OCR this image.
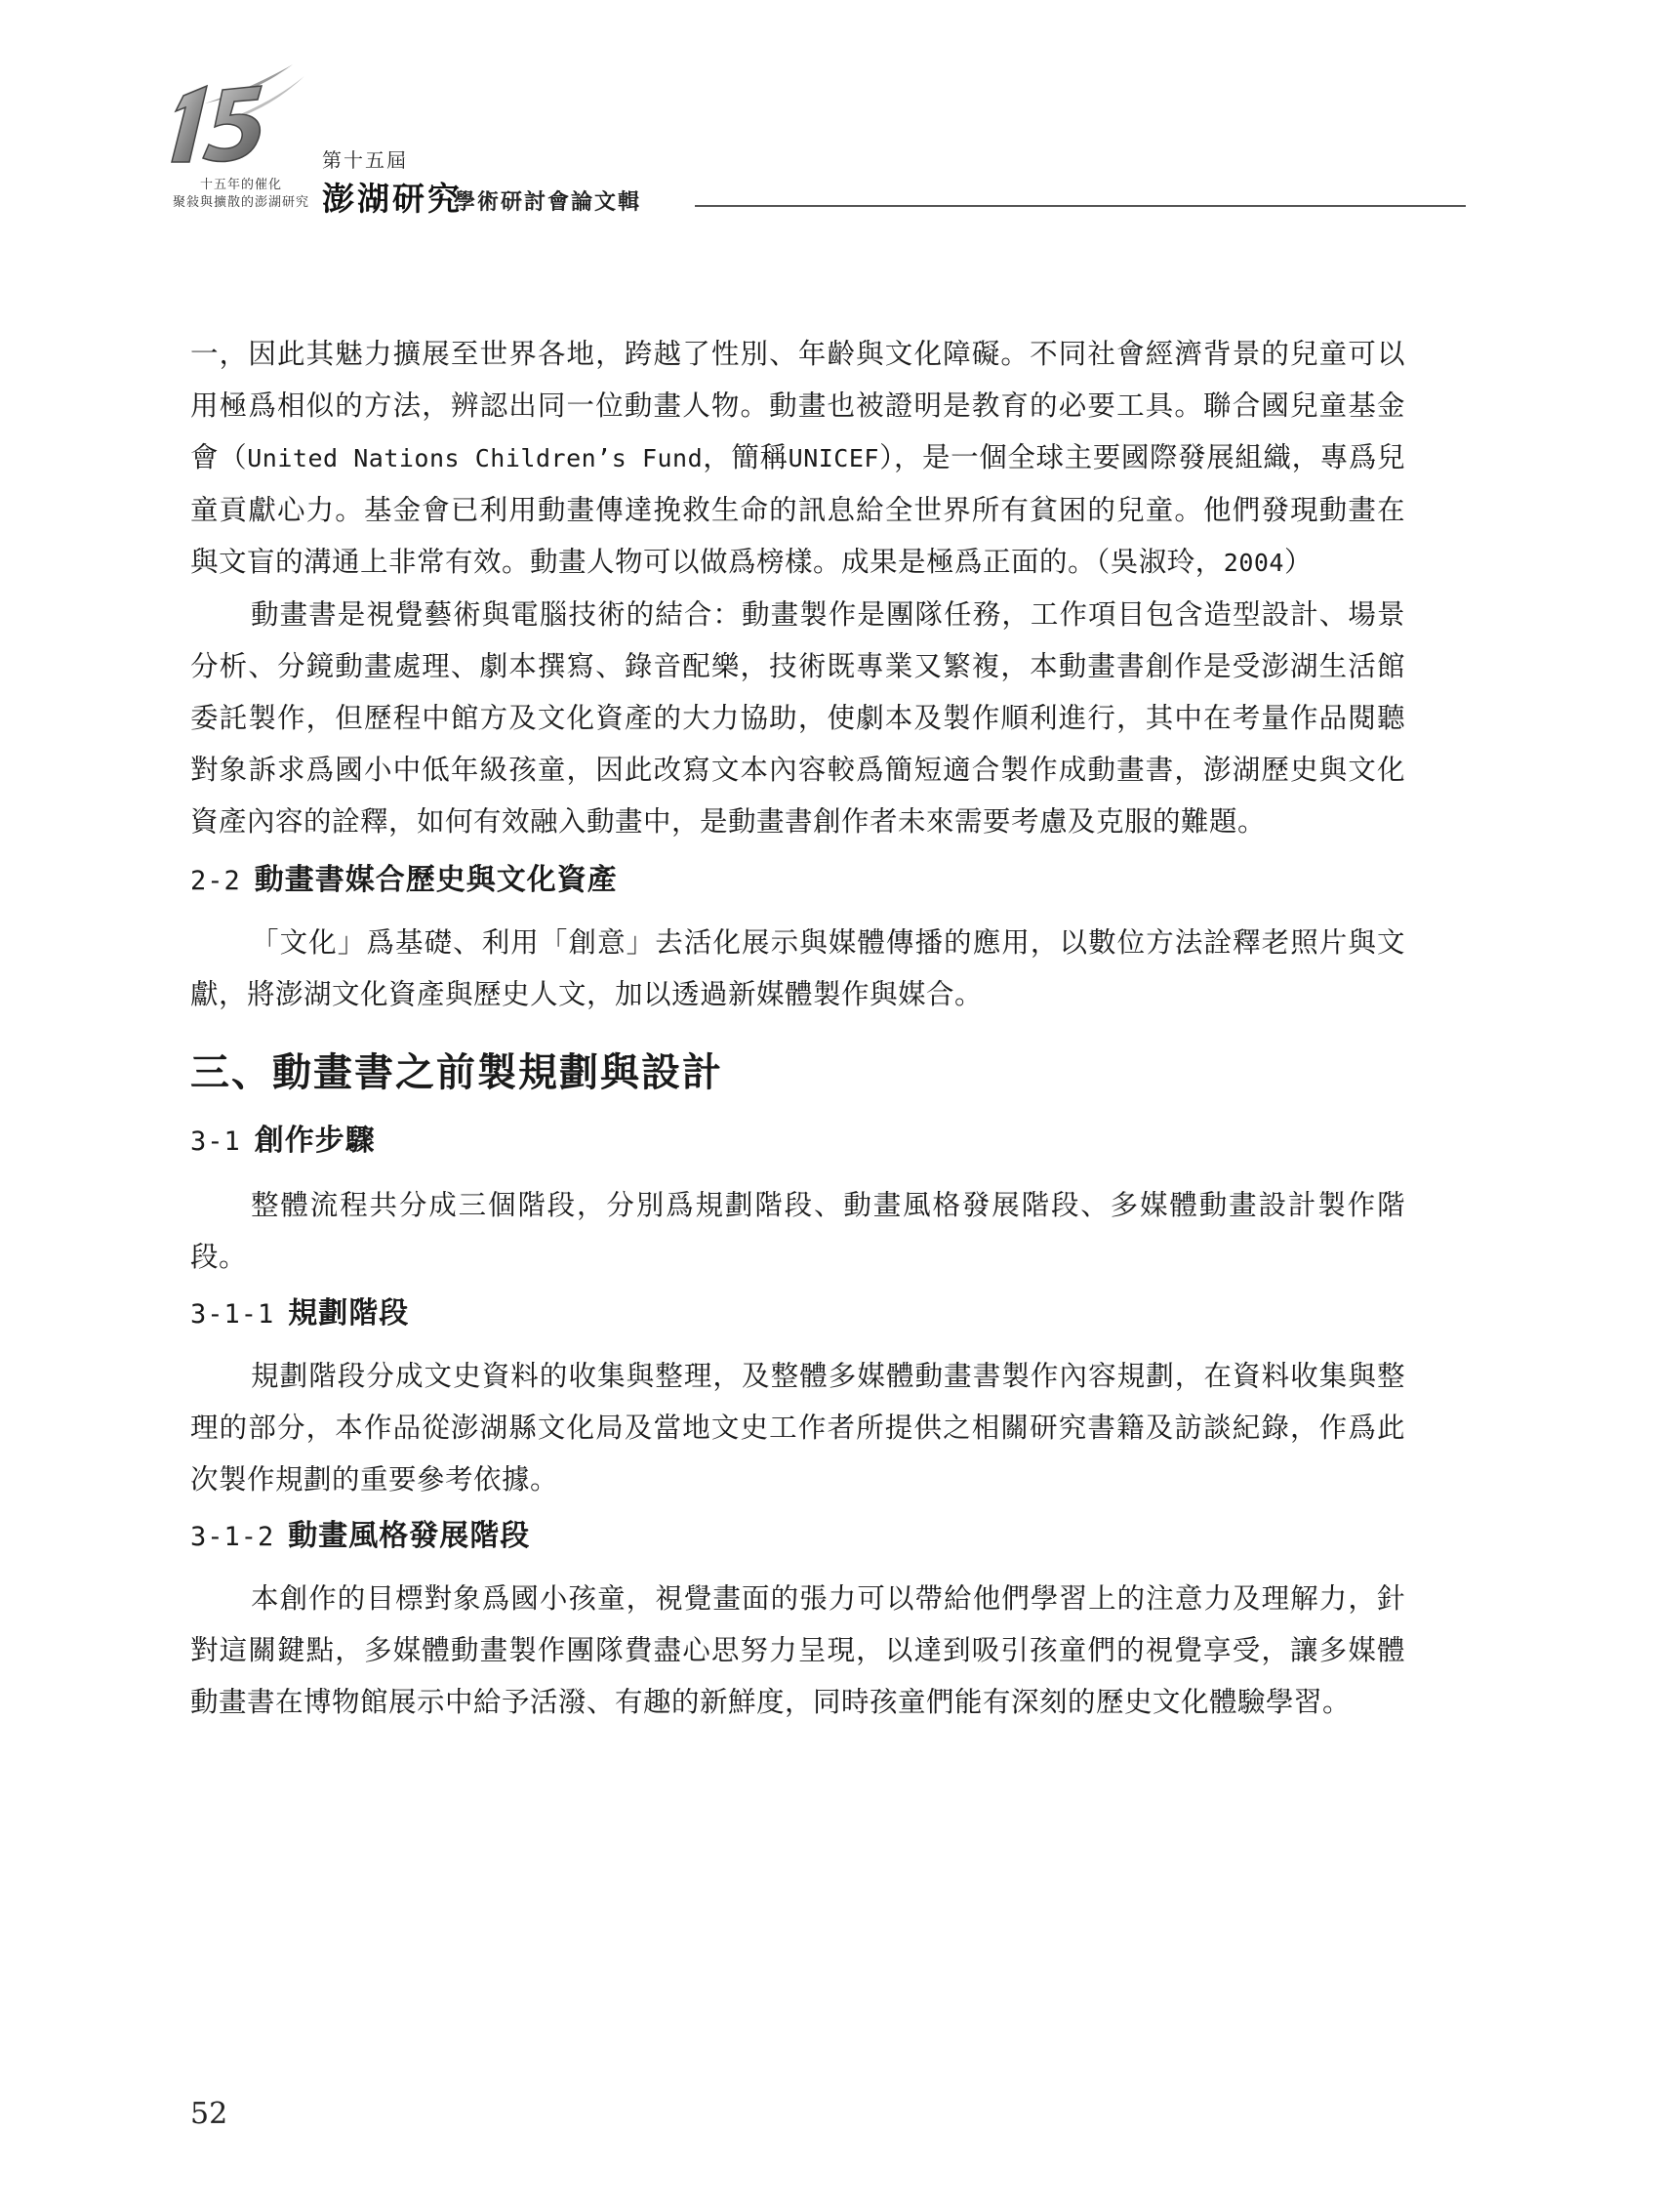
十五年的催化
聚敍與擴散的澎湖研究
第十五屆
澎湖研究
學術研討會論文輯

一，因此其魅力擴展至世界各地，跨越了性別、年齡與文化障礙。不同社會經濟背景的兒童可以用極爲相似的方法，辨認出同一位動畫人物。動畫也被證明是教育的必要工具。聯合國兒童基金會（United Nations Children’s Fund，簡稱UNICEF），是一個全球主要國際發展組織，專爲兒童貢獻心力。基金會已利用動畫傳達挽救生命的訊息給全世界所有貧困的兒童。他們發現動畫在與文盲的溝通上非常有效。動畫人物可以做爲榜樣。成果是極爲正面的。（吳淑玲，2004）

動畫書是視覺藝術與電腦技術的結合：動畫製作是團隊任務，工作項目包含造型設計、場景分析、分鏡動畫處理、劇本撰寫、錄音配樂，技術既專業又繁複，本動畫書創作是受澎湖生活館委託製作，但歷程中館方及文化資產的大力協助，使劇本及製作順利進行，其中在考量作品閱聽對象訴求爲國小中低年級孩童，因此改寫文本內容較爲簡短適合製作成動畫書，澎湖歷史與文化資產內容的詮釋，如何有效融入動畫中，是動畫書創作者未來需要考慮及克服的難題。

2-2 動畫書媒合歷史與文化資產

「文化」爲基礎、利用「創意」去活化展示與媒體傳播的應用，以數位方法詮釋老照片與文獻，將澎湖文化資產與歷史人文，加以透過新媒體製作與媒合。

三、動畫書之前製規劃與設計
3-1 創作步驟

整體流程共分成三個階段，分別爲規劃階段、動畫風格發展階段、多媒體動畫設計製作階段。

3-1-1 規劃階段

規劃階段分成文史資料的收集與整理，及整體多媒體動畫書製作內容規劃，在資料收集與整理的部分，本作品從澎湖縣文化局及當地文史工作者所提供之相關研究書籍及訪談紀錄，作爲此次製作規劃的重要參考依據。

3-1-2 動畫風格發展階段

本創作的目標對象爲國小孩童，視覺畫面的張力可以帶給他們學習上的注意力及理解力，針對這關鍵點，多媒體動畫製作團隊費盡心思努力呈現，以達到吸引孩童們的視覺享受，讓多媒體動畫書在博物館展示中給予活潑、有趣的新鮮度，同時孩童們能有深刻的歷史文化體驗學習。

52
